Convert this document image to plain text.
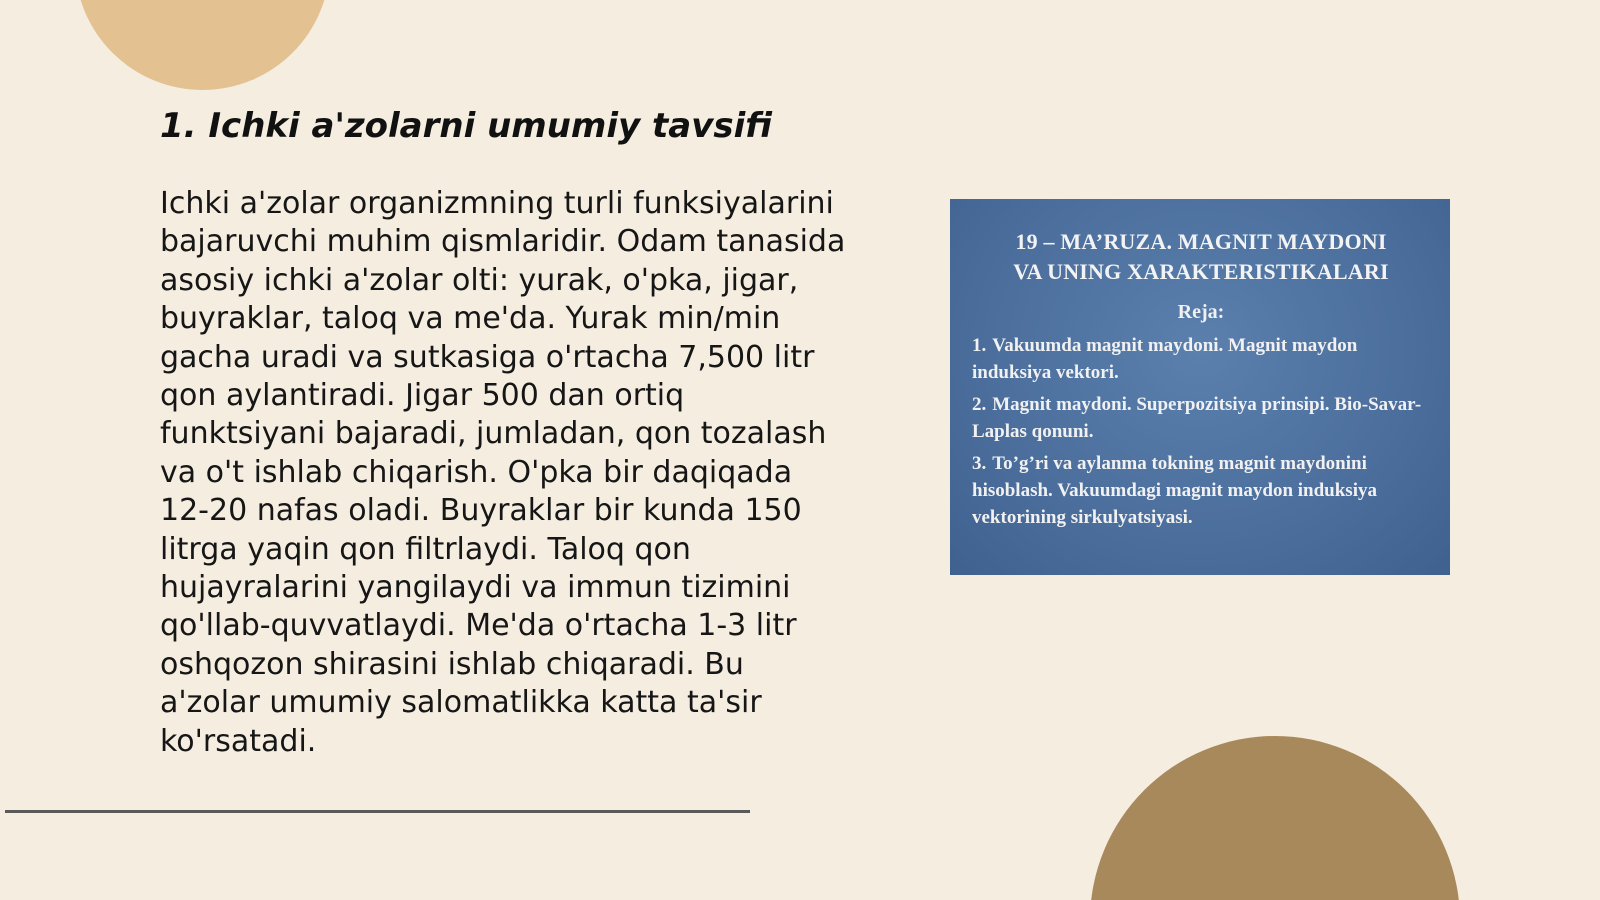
1. Ichki a'zolarni umumiy tavsifi

Ichki a'zolar organizmning turli funksiyalarini bajaruvchi muhim qismlaridir. Odam tanasida asosiy ichki a'zolar olti: yurak, o'pka, jigar, buyraklar, taloq va me'da. Yurak min/min gacha uradi va sutkasiga o'rtacha 7,500 litr qon aylantiradi. Jigar 500 dan ortiq funktsiyani bajaradi, jumladan, qon tozalash va o't ishlab chiqarish. O'pka bir daqiqada 12-20 nafas oladi. Buyraklar bir kunda 150 litrga yaqin qon filtrlaydi. Taloq qon hujayralarini yangilaydi va immun tizimini qo'llab-quvvatlaydi. Me'da o'rtacha 1-3 litr oshqozon shirasini ishlab chiqaradi. Bu a'zolar umumiy salomatlikka katta ta'sir ko'rsatadi.

19 – MA’RUZA. MAGNIT MAYDONI
VA UNING XARAKTERISTIKALARI
Reja:
1. Vakuumda magnit maydoni. Magnit maydon induksiya vektori.
2. Magnit maydoni. Superpozitsiya prinsipi. Bio-Savar-Laplas qonuni.
3. To’g’ri va aylanma tokning magnit maydonini hisoblash. Vakuumdagi magnit maydon induksiya vektorining sirkulyatsiyasi.
